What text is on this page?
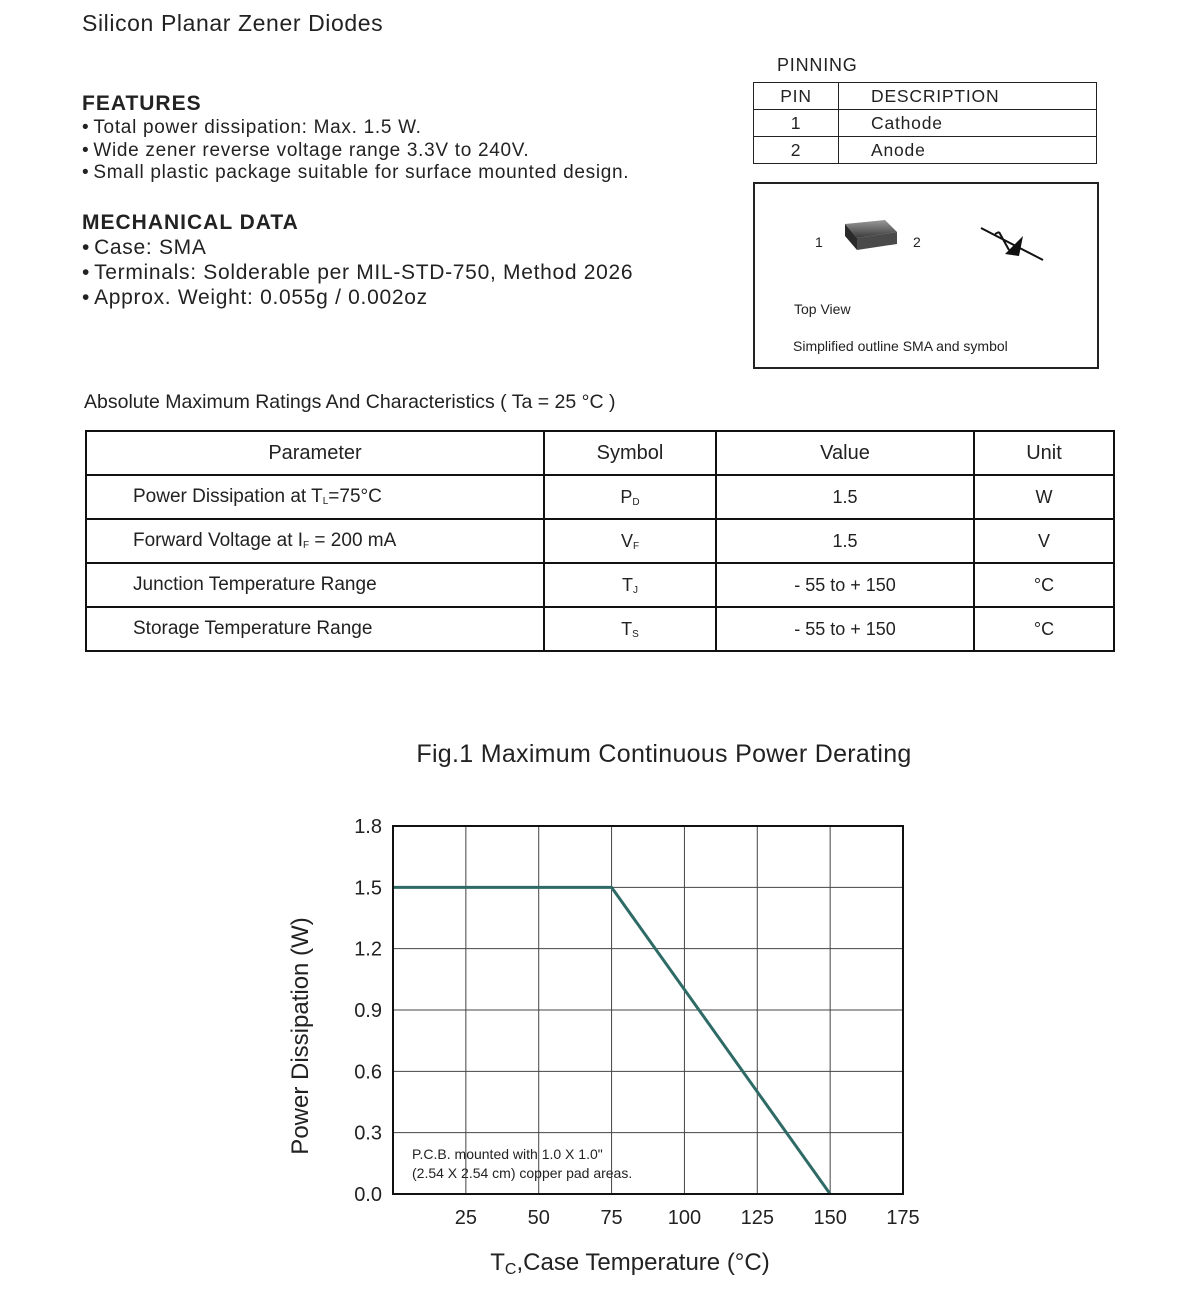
Silicon Planar Zener Diodes
FEATURES
• Total power dissipation: Max. 1.5 W.
• Wide zener reverse voltage range 3.3V to 240V.
• Small plastic package suitable for surface mounted design.
MECHANICAL DATA
• Case: SMA
• Terminals: Solderable per MIL-STD-750, Method 2026
• Approx. Weight: 0.055g / 0.002oz
PINNING
PIN	DESCRIPTION
1	Cathode
2	Anode
1	2
Top View
Simplified outline SMA and symbol
Absolute Maximum Ratings And Characteristics ( Ta = 25 °C )
Parameter	Symbol	Value	Unit
Power Dissipation at $T_L=75^\circ C$	$P_D$	1.5	W
Forward Voltage at $I_F = 200$ mA	$V_F$	1.5	V
Junction Temperature Range	$T_J$	- 55 to + 150	°C
Storage Temperature Range	$T_S$	- 55 to + 150	°C
Fig.1 Maximum Continuous Power Derating
25	50	75 100 125 150 175
1.8
1.5
1.2
0.9
0.6
0.3
0.0
P.C.B. mounted with 1.0 X 1.0"
(2.54 X 2.54 cm) copper pad areas.
Power Dissipation (W)
TC,Case Temperature (°C)
